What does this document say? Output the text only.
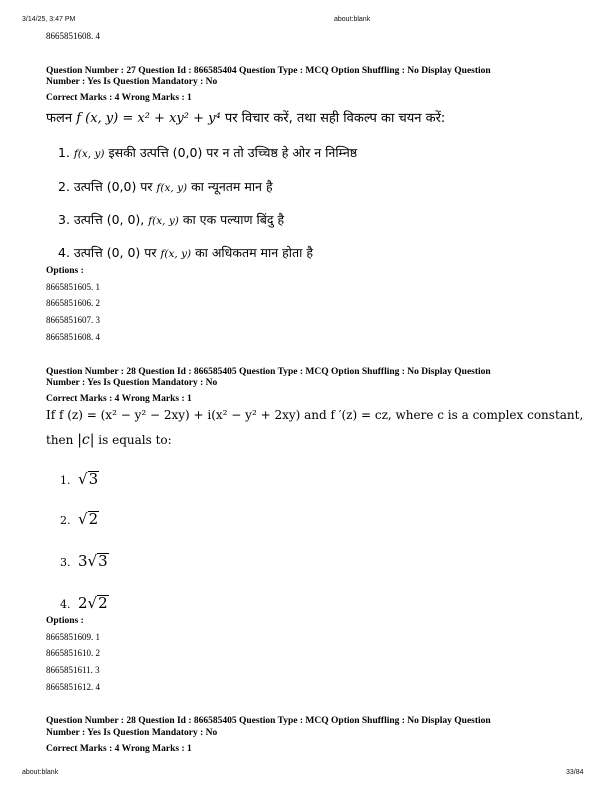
3/14/25, 3:47 PM	about:blank
8665851608. 4
Question Number : 27 Question Id : 866585404 Question Type : MCQ Option Shuffling : No Display Question
Number : Yes Is Question Mandatory : No
Correct Marks : 4 Wrong Marks : 1
फलन f (x, y) = x² + xy² + y⁴ पर विचार करें, तथा सही विकल्प का चयन करें:
1. f(x, y) इसकी उत्पत्ति (0,0) पर न तो उच्चिष्ठ हे ओर न निम्निष्ठ
2. उत्पत्ति (0,0) पर f(x, y) का न्यूनतम मान है
3. उत्पत्ति (0, 0), f(x, y) का एक पल्याण बिंदु है
4. उत्पत्ति (0, 0) पर f(x, y) का अधिकतम मान होता है
Options :
8665851605. 1
8665851606. 2
8665851607. 3
8665851608. 4
Question Number : 28 Question Id : 866585405 Question Type : MCQ Option Shuffling : No Display Question
Number : Yes Is Question Mandatory : No
Correct Marks : 4 Wrong Marks : 1
If f (z) = (x² − y² − 2xy) + i(x² − y² + 2xy) and f ′(z) = cz, where c is a complex constant,
then |c| is equals to:
1. √3
2. √2
3. 3√3
4. 2√2
Options :
8665851609. 1
8665851610. 2
8665851611. 3
8665851612. 4
Question Number : 28 Question Id : 866585405 Question Type : MCQ Option Shuffling : No Display Question
Number : Yes Is Question Mandatory : No
Correct Marks : 4 Wrong Marks : 1
about:blank	33/84
